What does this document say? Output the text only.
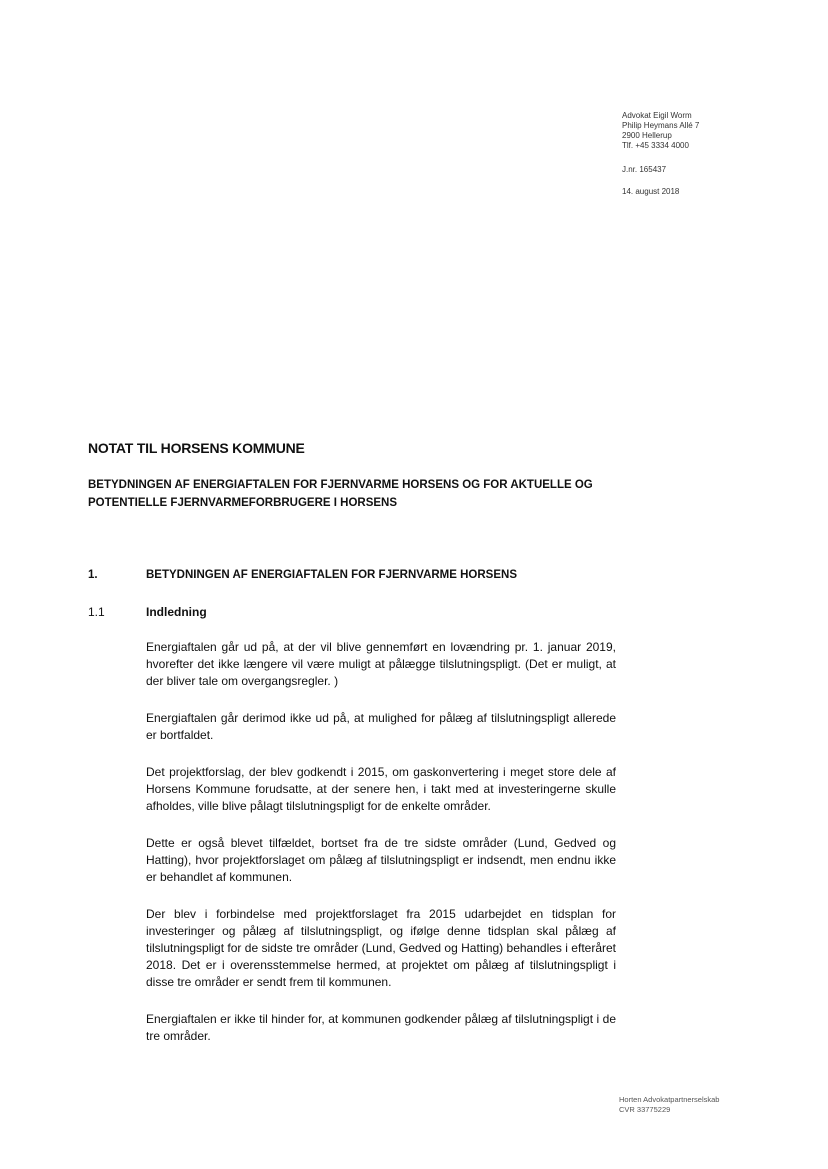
Advokat Eigil Worm
Philip Heymans Allé 7
2900 Hellerup
Tlf. +45 3334 4000
J.nr. 165437
14. august 2018
NOTAT TIL HORSENS KOMMUNE
BETYDNINGEN AF ENERGIAFTALEN FOR FJERNVARME HORSENS OG FOR AKTUELLE OG POTENTIELLE FJERNVARMEFORBRUGERE I HORSENS
1.	BETYDNINGEN AF ENERGIAFTALEN FOR FJERNVARME HORSENS
1.1	Indledning

Energiaftalen går ud på, at der vil blive gennemført en lovændring pr. 1. januar 2019, hvorefter det ikke længere vil være muligt at pålægge tilslutningspligt. (Det er muligt, at der bliver tale om overgangsregler. )

Energiaftalen går derimod ikke ud på, at mulighed for pålæg af tilslutningspligt allerede er bortfaldet.

Det projektforslag, der blev godkendt i 2015, om gaskonvertering i meget store dele af Horsens Kommune forudsatte, at der senere hen, i takt med at investeringerne skulle afholdes, ville blive pålagt tilslutningspligt for de enkelte områder.

Dette er også blevet tilfældet, bortset fra de tre sidste områder (Lund, Gedved og Hatting), hvor projektforslaget om pålæg af tilslutningspligt er indsendt, men endnu ikke er behandlet af kommunen.

Der blev i forbindelse med projektforslaget fra 2015 udarbejdet en tidsplan for investeringer og pålæg af tilslutningspligt, og ifølge denne tidsplan skal pålæg af tilslutningspligt for de sidste tre områder (Lund, Gedved og Hatting) behandles i efteråret 2018. Det er i overensstemmelse hermed, at projektet om pålæg af tilslutningspligt i disse tre områder er sendt frem til kommunen.

Energiaftalen er ikke til hinder for, at kommunen godkender pålæg af tilslutningspligt i de tre områder.

Horten Advokatpartnerselskab
CVR 33775229
